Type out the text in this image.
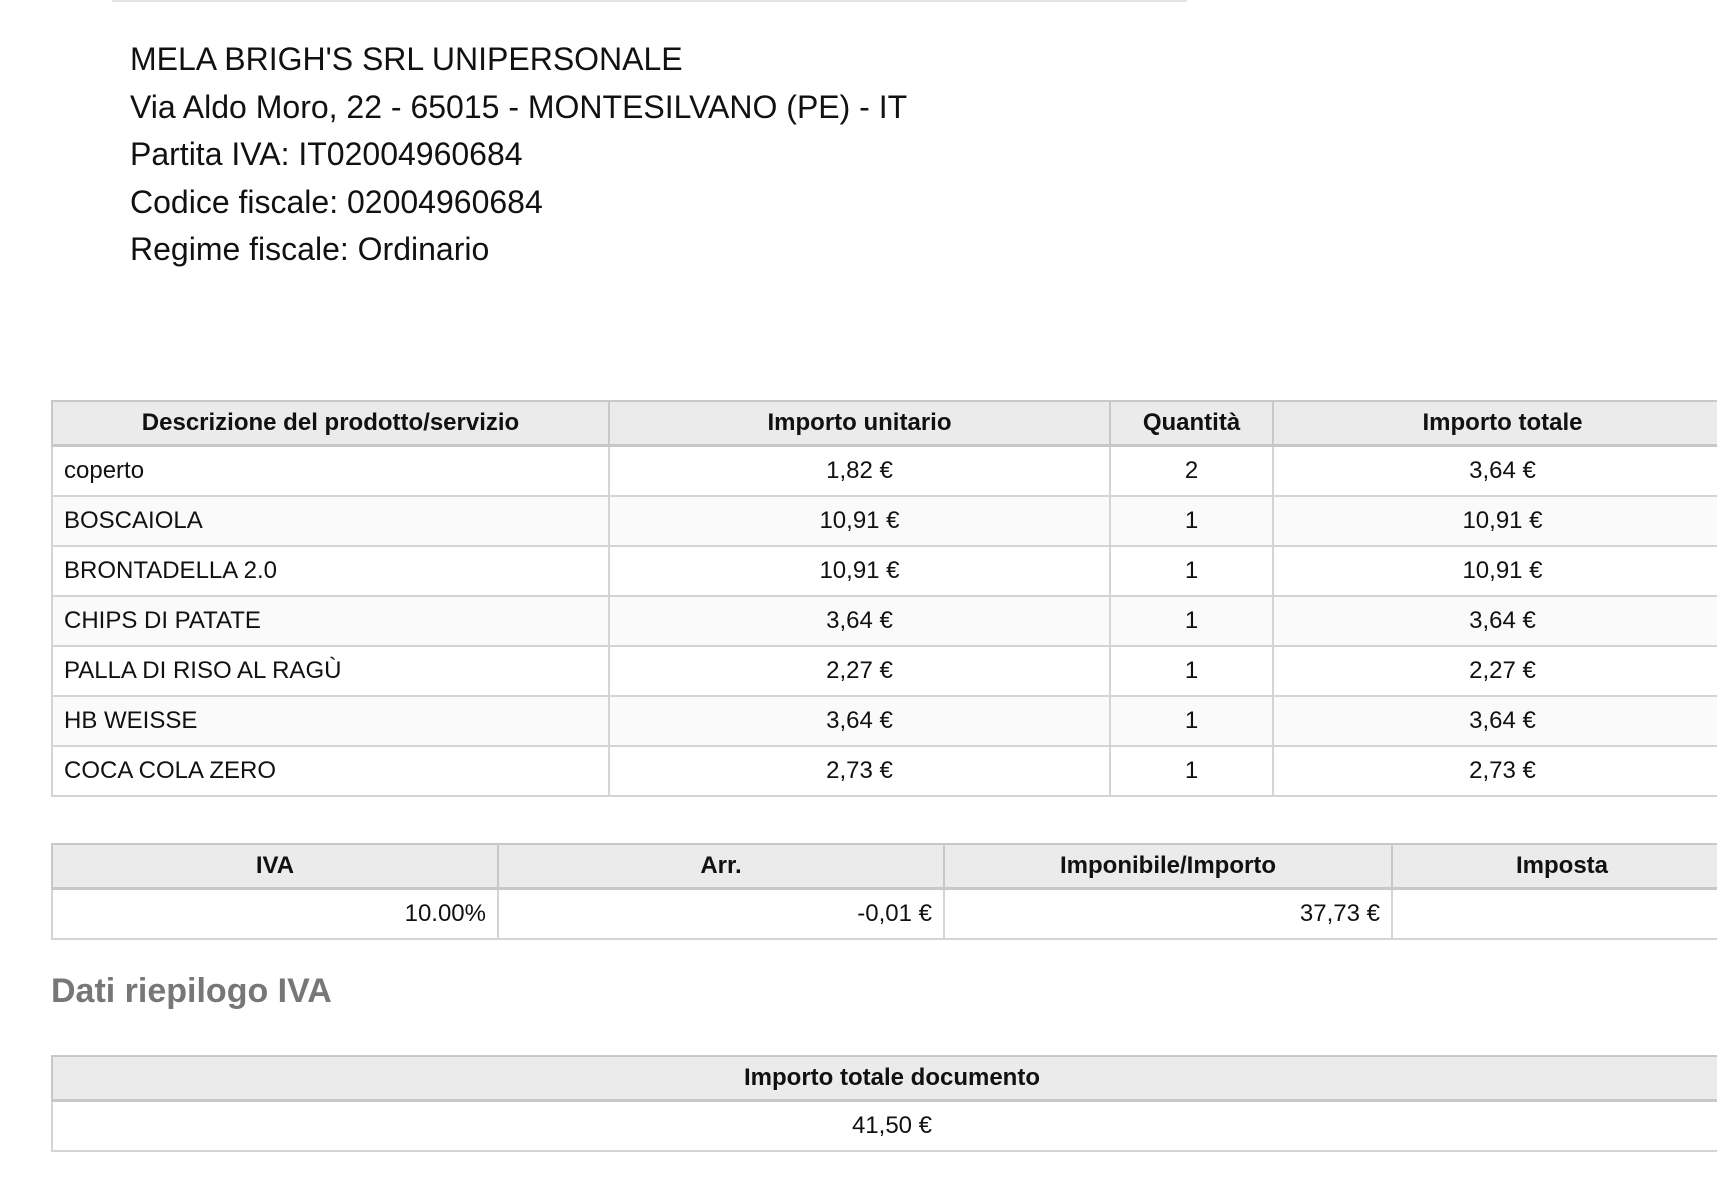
MELA BRIGH'S SRL UNIPERSONALE
Via Aldo Moro, 22 - 65015 - MONTESILVANO (PE) - IT
Partita IVA: IT02004960684
Codice fiscale: 02004960684
Regime fiscale: Ordinario
Descrizione del prodotto/servizio	Importo unitario	Quantità	Importo totale
coperto	1,82 €	2	3,64 €
BOSCAIOLA	10,91 €	1	10,91 €
BRONTADELLA 2.0	10,91 €	1	10,91 €
CHIPS DI PATATE	3,64 €	1	3,64 €
PALLA DI RISO AL RAGÙ	2,27 €	1	2,27 €
HB WEISSE	3,64 €	1	3,64 €
COCA COLA ZERO	2,73 €	1	2,73 €
IVA	Arr.	Imponibile/Importo	Imposta
10.00%	-0,01 €	37,73 €	
Dati riepilogo IVA
Importo totale documento
41,50 €
